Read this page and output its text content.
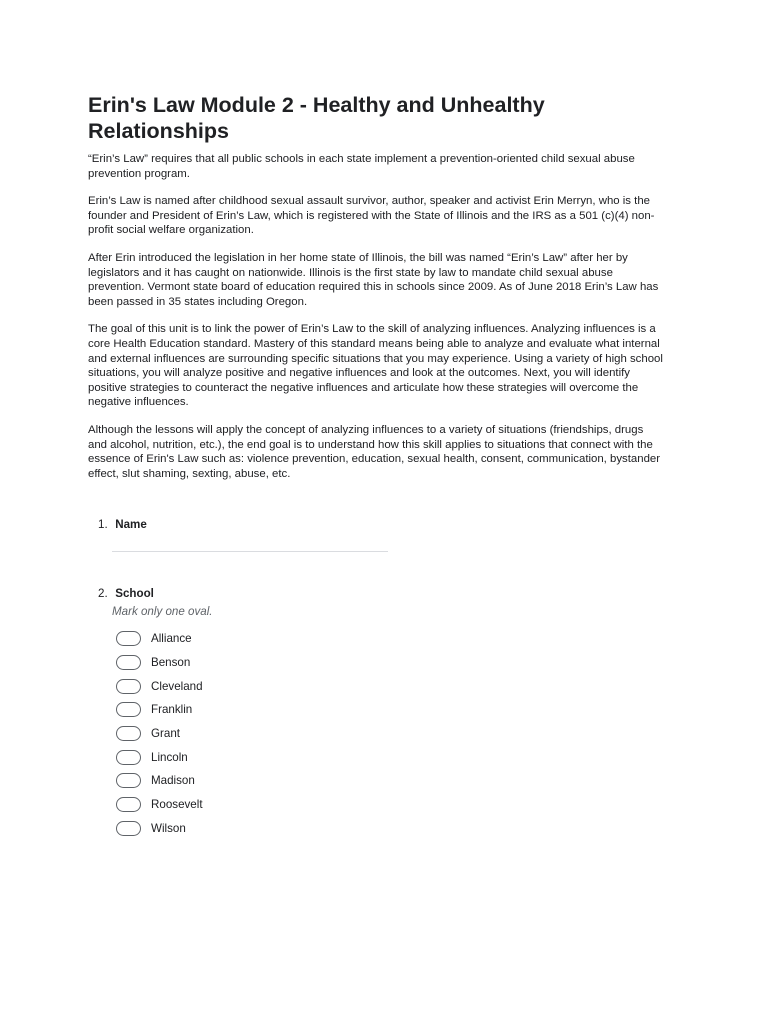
Erin's Law Module 2 - Healthy and Unhealthy Relationships

“Erin’s Law” requires that all public schools in each state implement a prevention-oriented child sexual abuse prevention program.

Erin’s Law is named after childhood sexual assault survivor, author, speaker and activist Erin Merryn, who is the founder and President of Erin’s Law, which is registered with the State of Illinois and the IRS as a 501 (c)(4) non-profit social welfare organization.

After Erin introduced the legislation in her home state of Illinois, the bill was named “Erin’s Law” after her by legislators and it has caught on nationwide. Illinois is the first state by law to mandate child sexual abuse prevention. Vermont state board of education required this in schools since 2009. As of June 2018 Erin’s Law has been passed in 35 states including Oregon.

The goal of this unit is to link the power of Erin’s Law to the skill of analyzing influences. Analyzing influences is a core Health Education standard. Mastery of this standard means being able to analyze and evaluate what internal and external influences are surrounding specific situations that you may experience. Using a variety of high school situations, you will analyze positive and negative influences and look at the outcomes. Next, you will identify positive strategies to counteract the negative influences and articulate how these strategies will overcome the negative influences.

Although the lessons will apply the concept of analyzing influences to a variety of situations (friendships, drugs and alcohol, nutrition, etc.), the end goal is to understand how this skill applies to situations that connect with the essence of Erin's Law such as: violence prevention, education, sexual health, consent, communication, bystander effect, slut shaming, sexting, abuse, etc.

1. Name
2. School
Mark only one oval.
Alliance
Benson
Cleveland
Franklin
Grant
Lincoln
Madison
Roosevelt
Wilson
